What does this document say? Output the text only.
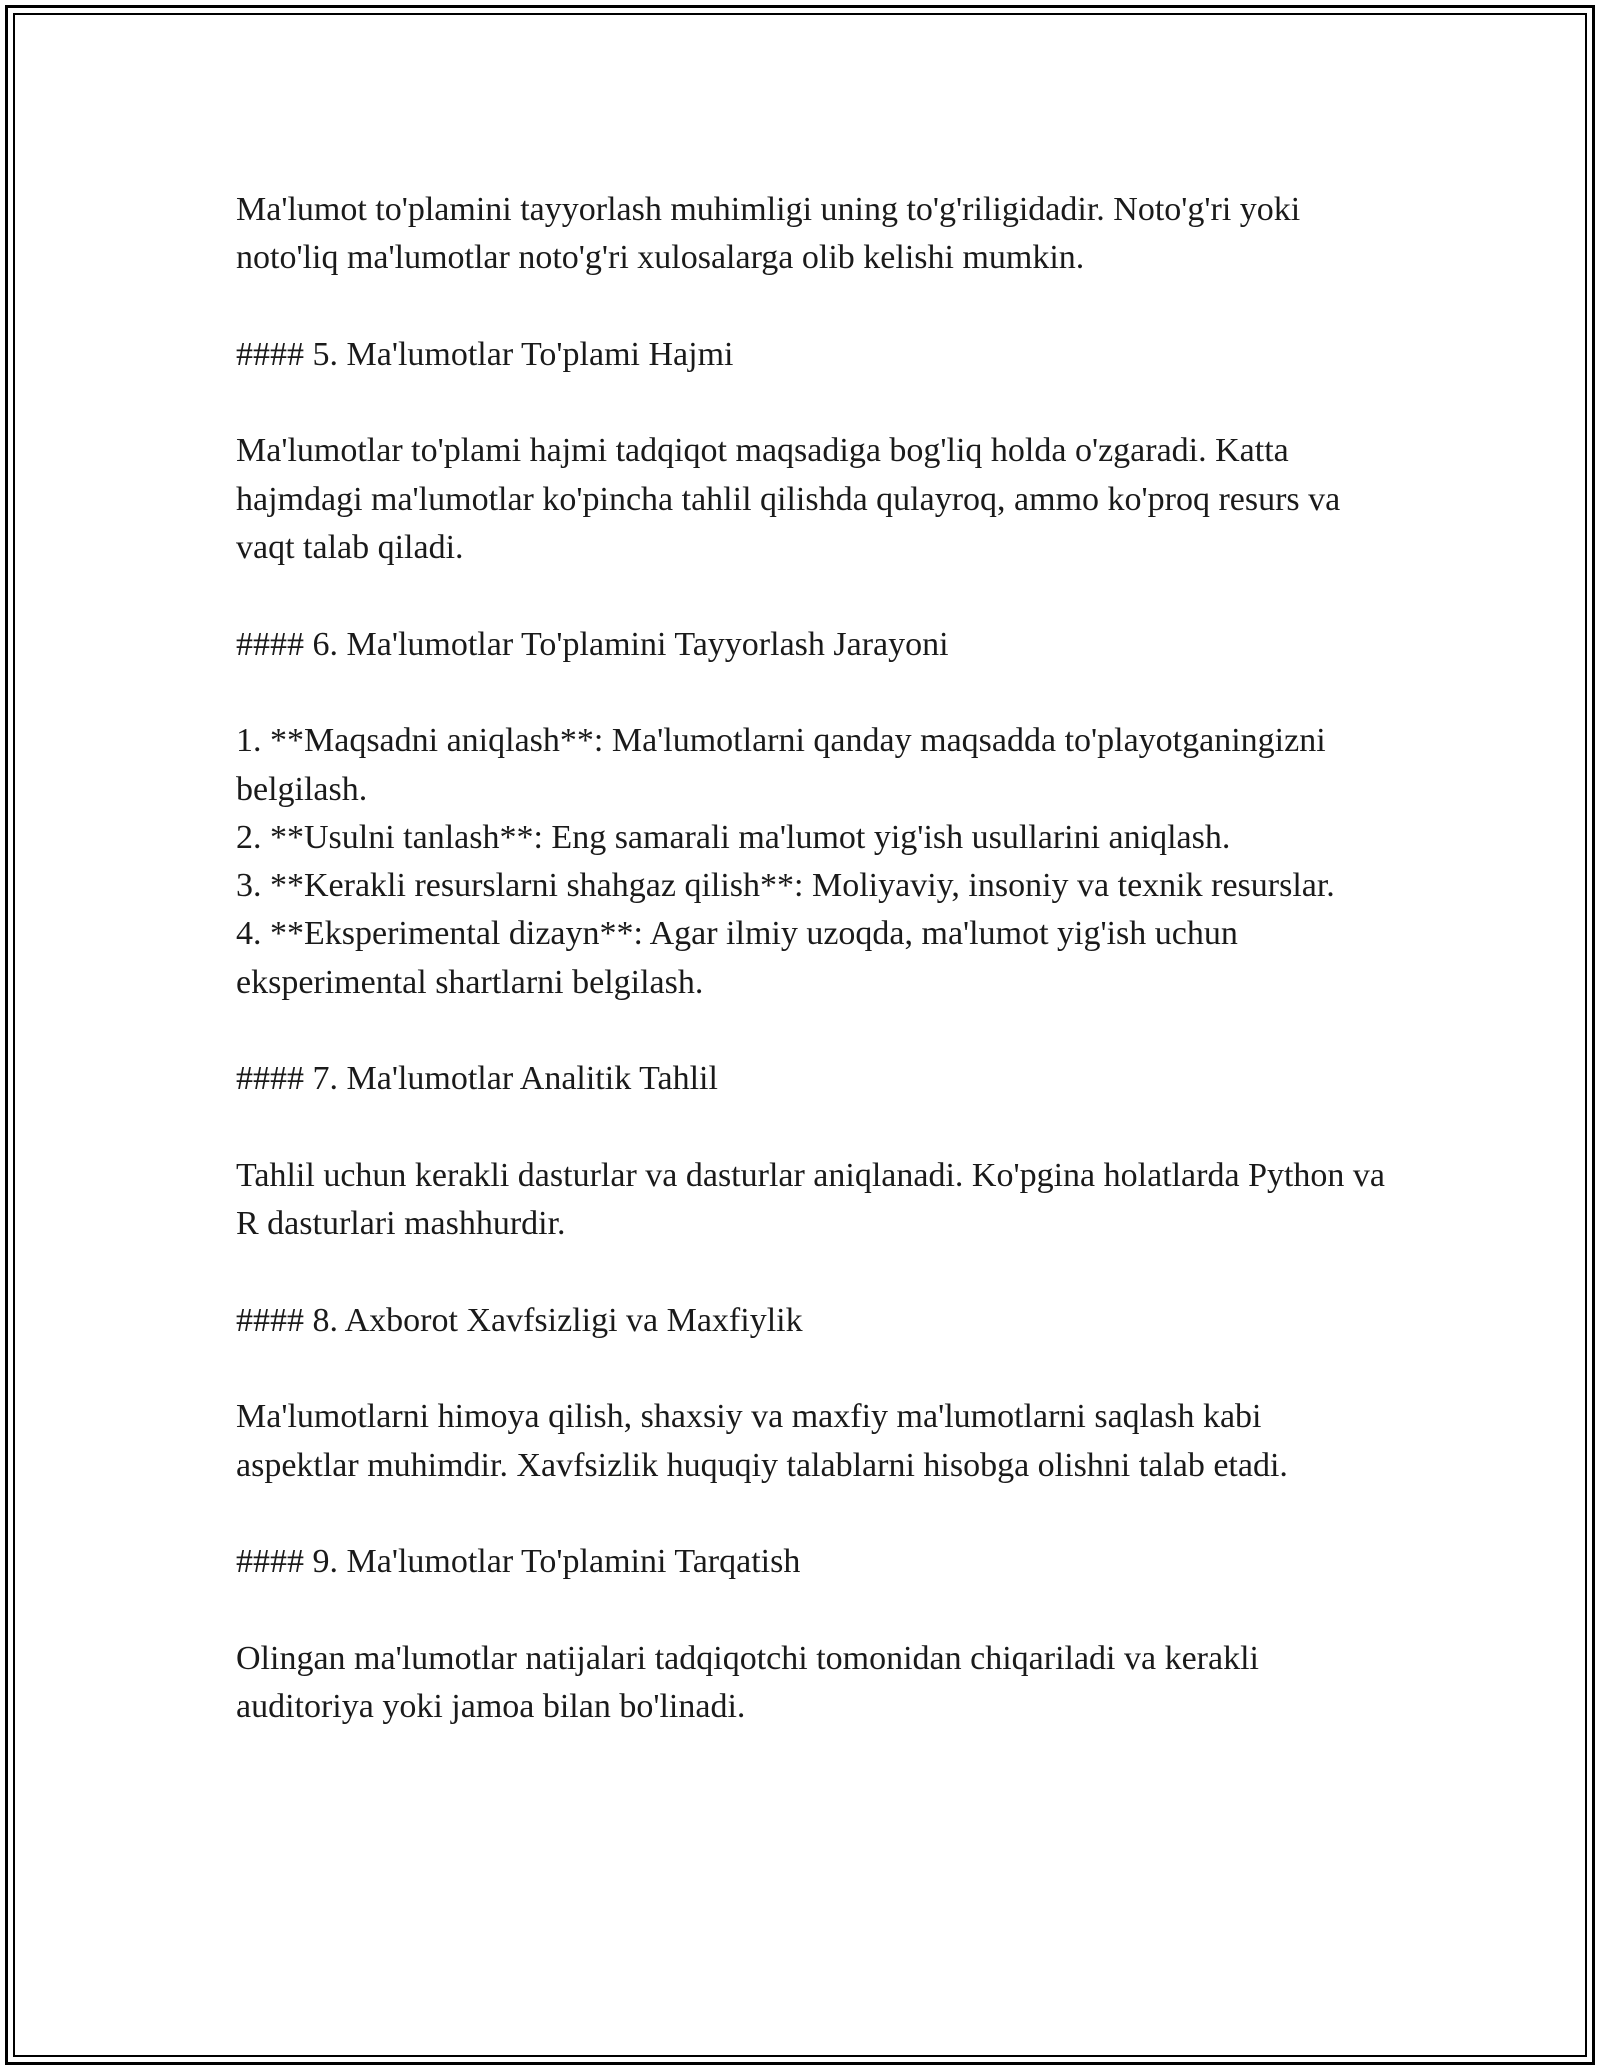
Ma'lumot to'plamini tayyorlash muhimligi uning to'g'riligidadir. Noto'g'ri yoki noto'liq ma'lumotlar noto'g'ri xulosalarga olib kelishi mumkin.

#### 5. Ma'lumotlar To'plami Hajmi

Ma'lumotlar to'plami hajmi tadqiqot maqsadiga bog'liq holda o'zgaradi. Katta hajmdagi ma'lumotlar ko'pincha tahlil qilishda qulayroq, ammo ko'proq resurs va vaqt talab qiladi.

#### 6. Ma'lumotlar To'plamini Tayyorlash Jarayoni

1. **Maqsadni aniqlash**: Ma'lumotlarni qanday maqsadda to'playotganingizni belgilash.
2. **Usulni tanlash**: Eng samarali ma'lumot yig'ish usullarini aniqlash.
3. **Kerakli resurslarni shahgaz qilish**: Moliyaviy, insoniy va texnik resurslar.
4. **Eksperimental dizayn**: Agar ilmiy uzoqda, ma'lumot yig'ish uchun eksperimental shartlarni belgilash.

#### 7. Ma'lumotlar Analitik Tahlil

Tahlil uchun kerakli dasturlar va dasturlar aniqlanadi. Ko'pgina holatlarda Python va R dasturlari mashhurdir.

#### 8. Axborot Xavfsizligi va Maxfiylik

Ma'lumotlarni himoya qilish, shaxsiy va maxfiy ma'lumotlarni saqlash kabi aspektlar muhimdir. Xavfsizlik huquqiy talablarni hisobga olishni talab etadi.

#### 9. Ma'lumotlar To'plamini Tarqatish

Olingan ma'lumotlar natijalari tadqiqotchi tomonidan chiqariladi va kerakli auditoriya yoki jamoa bilan bo'linadi.
